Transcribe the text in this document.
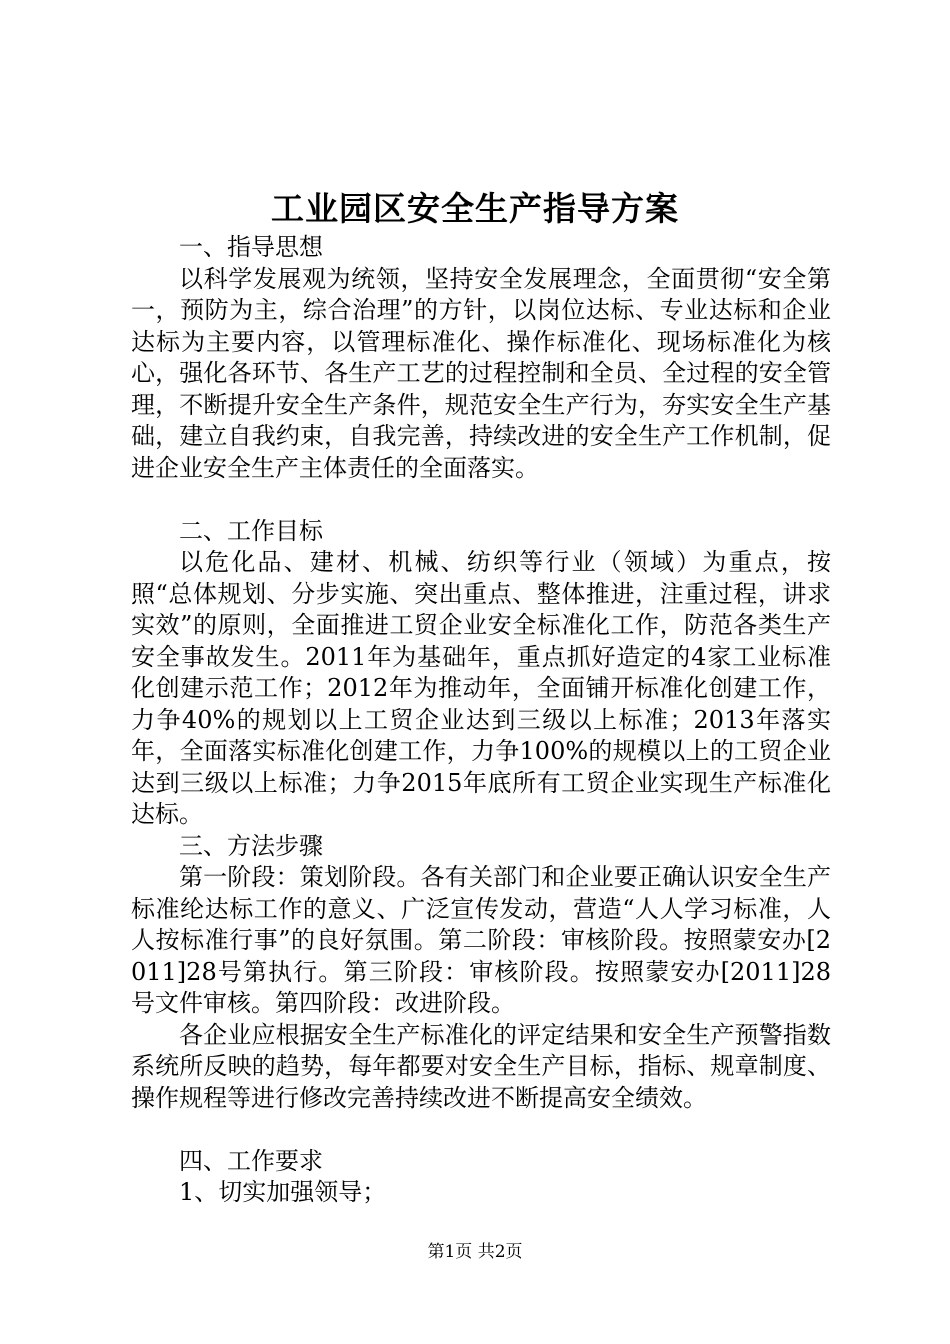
工业园区安全生产指导方案

一、指导思想

以科学发展观为统领，坚持安全发展理念，全面贯彻“安全第一，预防为主，综合治理”的方针，以岗位达标、专业达标和企业达标为主要内容，以管理标准化、操作标准化、现场标准化为核心，强化各环节、各生产工艺的过程控制和全员、全过程的安全管理，不断提升安全生产条件，规范安全生产行为，夯实安全生产基础，建立自我约束，自我完善，持续改进的安全生产工作机制，促进企业安全生产主体责任的全面落实。

二、工作目标

以危化品、建材、机械、纺织等行业（领域）为重点，按照“总体规划、分步实施、突出重点、整体推进，注重过程，讲求实效”的原则，全面推进工贸企业安全标准化工作，防范各类生产安全事故发生。2011年为基础年，重点抓好造定的4家工业标准化创建示范工作；2012年为推动年，全面铺开标准化创建工作，力争40%的规划以上工贸企业达到三级以上标准；2013年落实年，全面落实标准化创建工作，力争100%的规模以上的工贸企业达到三级以上标准；力争2015年底所有工贸企业实现生产标准化达标。

三、方法步骤

第一阶段：策划阶段。各有关部门和企业要正确认识安全生产标准纶达标工作的意义、广泛宣传发动，营造“人人学习标准，人人按标准行事”的良好氛围。第二阶段：审核阶段。按照蒙安办[2011]28号第执行。第三阶段：审核阶段。按照蒙安办[2011]28号文件审核。第四阶段：改进阶段。

各企业应根据安全生产标准化的评定结果和安全生产预警指数系统所反映的趋势，每年都要对安全生产目标，指标、规章制度、操作规程等进行修改完善持续改进不断提高安全绩效。

四、工作要求

1、切实加强领导；

第1页 共2页
